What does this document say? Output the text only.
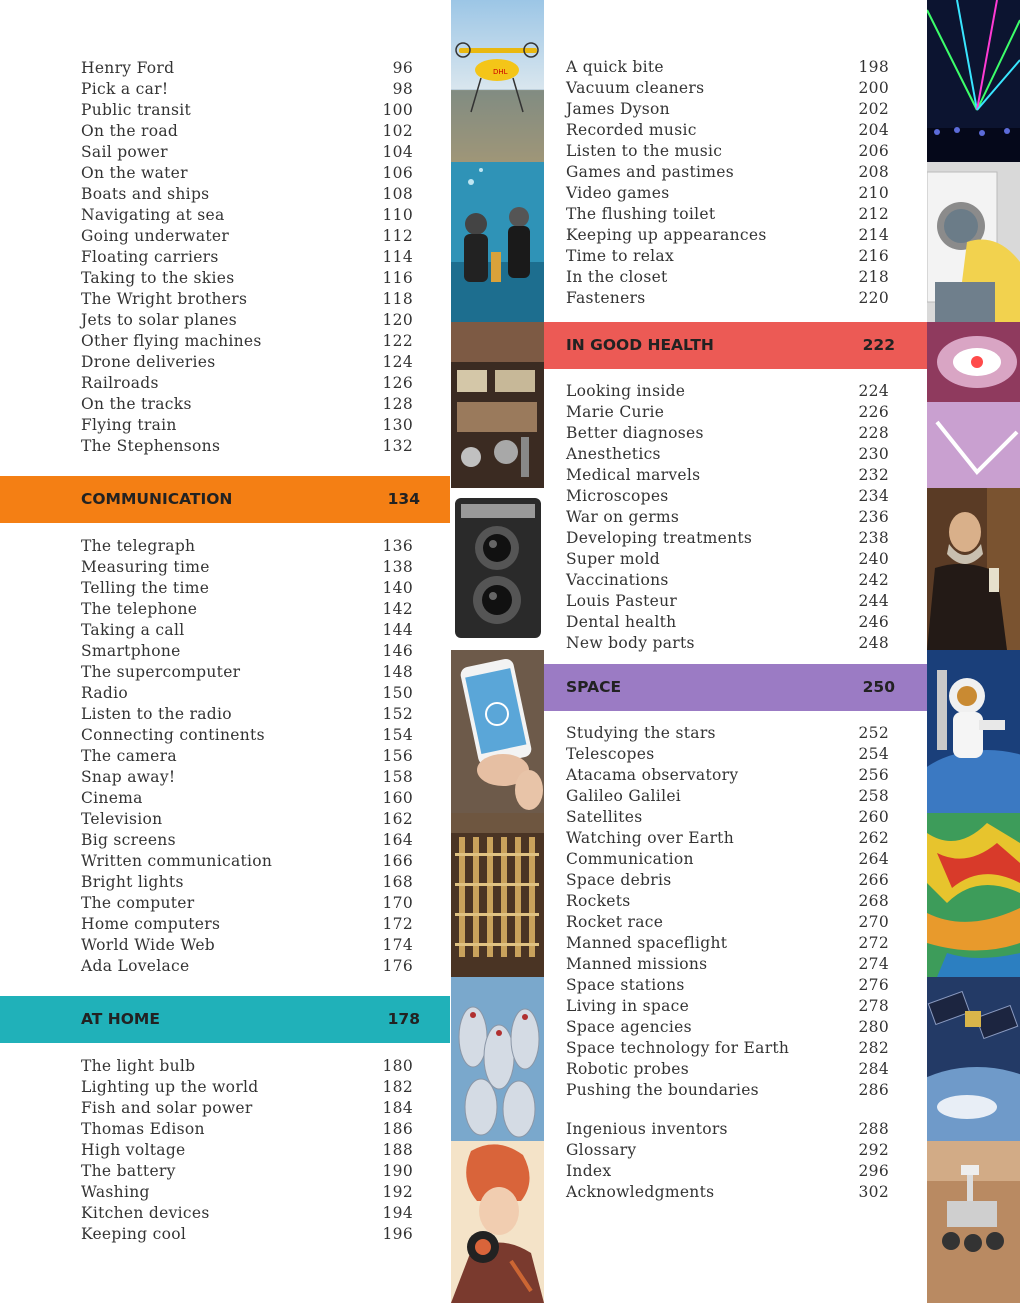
Henry Ford	96
Pick a car!	98
Public transit	100
On the road	102
Sail power	104
On the water	106
Boats and ships	108
Navigating at sea	110
Going underwater	112
Floating carriers	114
Taking to the skies	116
The Wright brothers	118
Jets to solar planes	120
Other flying machines	122
Drone deliveries	124
Railroads	126
On the tracks	128
Flying train	130
The Stephensons	132
COMMUNICATION	134
The telegraph	136
Measuring time	138
Telling the time	140
The telephone	142
Taking a call	144
Smartphone	146
The supercomputer	148
Radio	150
Listen to the radio	152
Connecting continents	154
The camera	156
Snap away!	158
Cinema	160
Television	162
Big screens	164
Written communication	166
Bright lights	168
The computer	170
Home computers	172
World Wide Web	174
Ada Lovelace	176
AT HOME	178
The light bulb	180
Lighting up the world	182
Fish and solar power	184
Thomas Edison	186
High voltage	188
The battery	190
Washing	192
Kitchen devices	194
Keeping cool	196
A quick bite	198
Vacuum cleaners	200
James Dyson	202
Recorded music	204
Listen to the music	206
Games and pastimes	208
Video games	210
The flushing toilet	212
Keeping up appearances	214
Time to relax	216
In the closet	218
Fasteners	220
IN GOOD HEALTH	222
Looking inside	224
Marie Curie	226
Better diagnoses	228
Anesthetics	230
Medical marvels	232
Microscopes	234
War on germs	236
Developing treatments	238
Super mold	240
Vaccinations	242
Louis Pasteur	244
Dental health	246
New body parts	248
SPACE	250
Studying the stars	252
Telescopes	254
Atacama observatory	256
Galileo Galilei	258
Satellites	260
Watching over Earth	262
Communication	264
Space debris	266
Rockets	268
Rocket race	270
Manned spaceflight	272
Manned missions	274
Space stations	276
Living in space	278
Space agencies	280
Space technology for Earth	282
Robotic probes	284
Pushing the boundaries	286
Ingenious inventors	288
Glossary	292
Index	296
Acknowledgments	302
DHL
